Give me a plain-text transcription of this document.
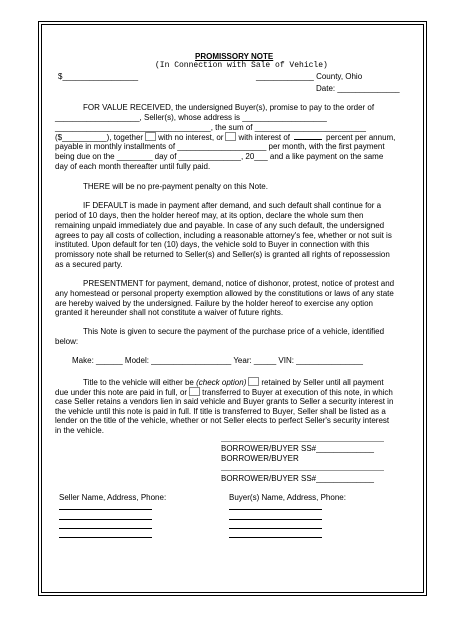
PROMISSORY NOTE
(In Connection with Sale of Vehicle)
$_________________	_____________ County, Ohio
Date: ______________
FOR VALUE RECEIVED, the undersigned Buyer(s), promise to pay to the order of
___________________, Seller(s), whose address is ___________________
___________________________________, the sum of _________________________
($__________), together with no interest, or with interest of	percent per annum,
payable in monthly installments of ____________________ per month, with the first payment
being due on the ________ day of ______________, 20___ and a like payment on the same
day of each month thereafter until fully paid.
THERE will be no pre-payment penalty on this Note.
IF DEFAULT is made in payment after demand, and such default shall continue for a
period of 10 days, then the holder hereof may, at its option, declare the whole sum then
remaining unpaid immediately due and payable. In case of any such default, the undersigned
agrees to pay all costs of collection, including a reasonable attorney's fee, whether or not suit is
instituted. Upon default for ten (10) days, the vehicle sold to Buyer in connection with this
promissory note shall be returned to Seller(s) and Seller(s) is granted all rights of repossession
as a secured party.
PRESENTMENT for payment, demand, notice of dishonor, protest, notice of protest and
any homestead or personal property exemption allowed by the constitutions or laws of any state
are hereby waived by the undersigned. Failure by the holder hereof to exercise any option
granted it hereunder shall not constitute a waiver of future rights.
This Note is given to secure the payment of the purchase price of a vehicle, identified
below:
Make: ______ Model: __________________ Year: _____ VIN: _______________
Title to the vehicle will either be (check option) retained by Seller until all payment
due under this note are paid in full, or transferred to Buyer at execution of this note, in which
case Seller retains a vendors lien in said vehicle and Buyer grants to Seller a security interest in
the vehicle until this note is paid in full. If title is transferred to Buyer, Seller shall be listed as a
lender on the title of the vehicle, whether or not Seller elects to perfect Seller's security interest
in the vehicle.
BORROWER/BUYER SS#_____________
BORROWER/BUYER
BORROWER/BUYER SS#_____________
Seller Name, Address, Phone:	Buyer(s) Name, Address, Phone:
